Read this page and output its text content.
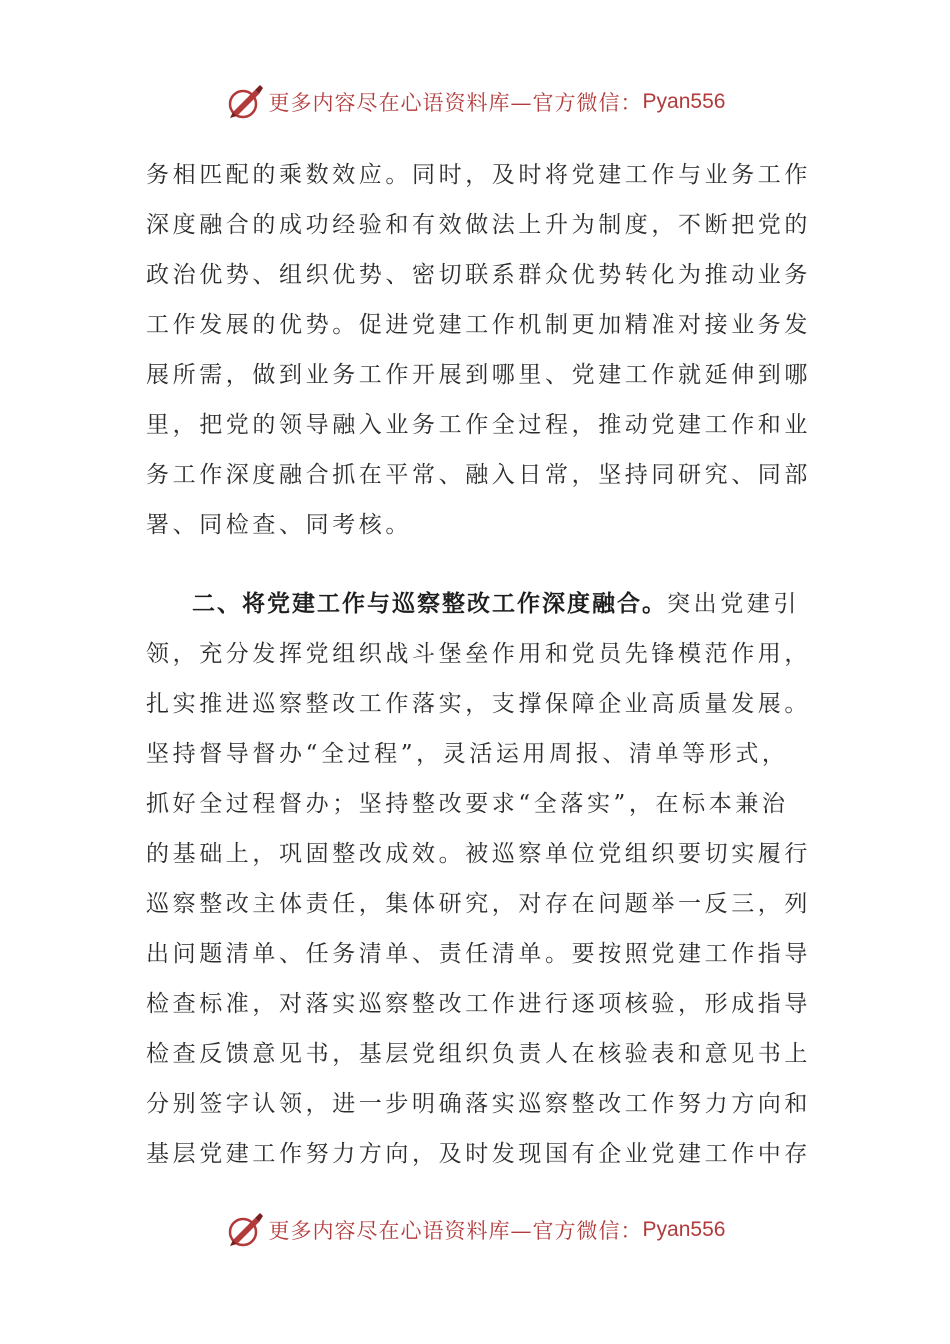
更多内容尽在心语资料库—官方微信： Pyan556
务相匹配的乘数效应。同时，及时将党建工作与业务工作
深度融合的成功经验和有效做法上升为制度，不断把党的
政治优势、组织优势、密切联系群众优势转化为推动业务
工作发展的优势。促进党建工作机制更加精准对接业务发
展所需，做到业务工作开展到哪里、党建工作就延伸到哪
里，把党的领导融入业务工作全过程，推动党建工作和业
务工作深度融合抓在平常、融入日常，坚持同研究、同部
署、同检查、同考核。
二、将党建工作与巡察整改工作深度融合。突出党建引
领，充分发挥党组织战斗堡垒作用和党员先锋模范作用，
扎实推进巡察整改工作落实，支撑保障企业高质量发展。
坚持督导督办“全过程”，灵活运用周报、清单等形式，
抓好全过程督办；坚持整改要求“全落实”，在标本兼治
的基础上，巩固整改成效。被巡察单位党组织要切实履行
巡察整改主体责任，集体研究，对存在问题举一反三，列
出问题清单、任务清单、责任清单。要按照党建工作指导
检查标准，对落实巡察整改工作进行逐项核验，形成指导
检查反馈意见书，基层党组织负责人在核验表和意见书上
分别签字认领，进一步明确落实巡察整改工作努力方向和
基层党建工作努力方向，及时发现国有企业党建工作中存
更多内容尽在心语资料库—官方微信： Pyan556
